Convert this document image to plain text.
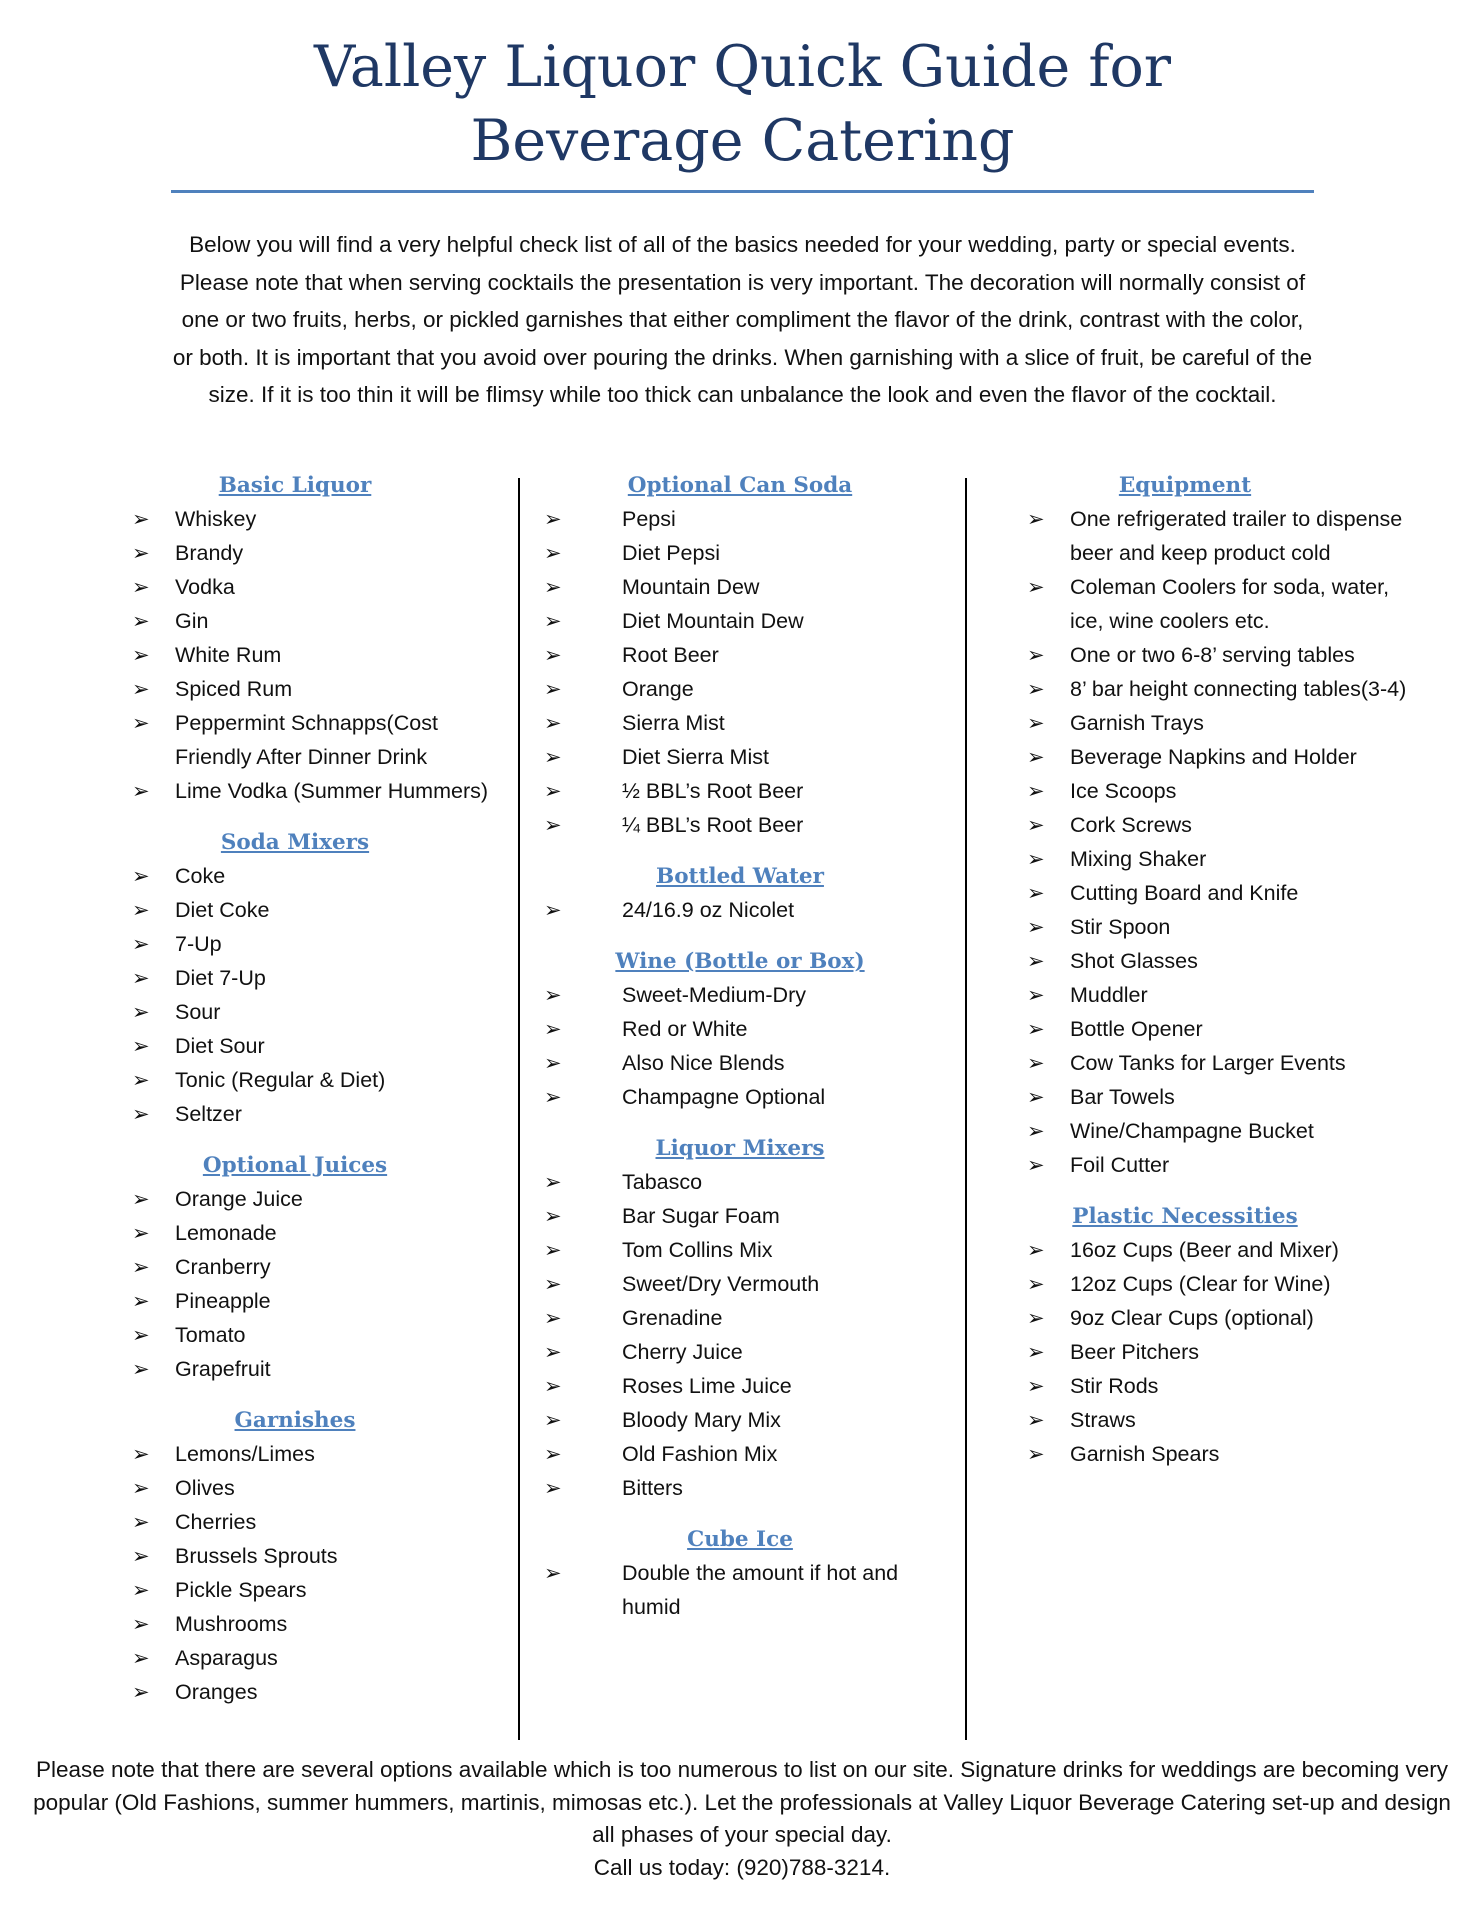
Valley Liquor Quick Guide for Beverage Catering

Below you will find a very helpful check list of all of the basics needed for your wedding, party or special events. Please note that when serving cocktails the presentation is very important. The decoration will normally consist of one or two fruits, herbs, or pickled garnishes that either compliment the flavor of the drink, contrast with the color, or both. It is important that you avoid over pouring the drinks. When garnishing with a slice of fruit, be careful of the size. If it is too thin it will be flimsy while too thick can unbalance the look and even the flavor of the cocktail.

Basic Liquor
➢ Whiskey
➢ Brandy
➢ Vodka
➢ Gin
➢ White Rum
➢ Spiced Rum
➢ Peppermint Schnapps(Cost Friendly After Dinner Drink
➢ Lime Vodka (Summer Hummers)
Soda Mixers
➢ Coke
➢ Diet Coke
➢ 7-Up
➢ Diet 7-Up
➢ Sour
➢ Diet Sour
➢ Tonic (Regular & Diet)
➢ Seltzer
Optional Juices
➢ Orange Juice
➢ Lemonade
➢ Cranberry
➢ Pineapple
➢ Tomato
➢ Grapefruit
Garnishes
➢ Lemons/Limes
➢ Olives
➢ Cherries
➢ Brussels Sprouts
➢ Pickle Spears
➢ Mushrooms
➢ Asparagus
➢ Oranges
Optional Can Soda
➢	Pepsi
➢	Diet Pepsi
➢	Mountain Dew
➢	Diet Mountain Dew
➢	Root Beer
➢	Orange
➢	Sierra Mist
➢	Diet Sierra Mist
➢	½ BBL’s Root Beer
➢	¼ BBL’s Root Beer
Bottled Water
➢	24/16.9 oz Nicolet
Wine (Bottle or Box)
➢	Sweet-Medium-Dry
➢	Red or White
➢	Also Nice Blends
➢	Champagne Optional
Liquor Mixers
➢	Tabasco
➢	Bar Sugar Foam
➢	Tom Collins Mix
➢	Sweet/Dry Vermouth
➢	Grenadine
➢	Cherry Juice
➢	Roses Lime Juice
➢	Bloody Mary Mix
➢	Old Fashion Mix
➢	Bitters
Cube Ice
➢	Double the amount if hot and humid
Equipment
➢ One refrigerated trailer to dispense beer and keep product cold
➢ Coleman Coolers for soda, water, ice, wine coolers etc.
➢ One or two 6-8’ serving tables
➢ 8’ bar height connecting tables(3-4)
➢ Garnish Trays
➢ Beverage Napkins and Holder
➢ Ice Scoops
➢ Cork Screws
➢ Mixing Shaker
➢ Cutting Board and Knife
➢ Stir Spoon
➢ Shot Glasses
➢ Muddler
➢ Bottle Opener
➢ Cow Tanks for Larger Events
➢ Bar Towels
➢ Wine/Champagne Bucket
➢ Foil Cutter
Plastic Necessities
➢ 16oz Cups (Beer and Mixer)
➢ 12oz Cups (Clear for Wine)
➢ 9oz Clear Cups (optional)
➢ Beer Pitchers
➢ Stir Rods
➢ Straws
➢ Garnish Spears

Please note that there are several options available which is too numerous to list on our site. Signature drinks for weddings are becoming very popular (Old Fashions, summer hummers, martinis, mimosas etc.). Let the professionals at Valley Liquor Beverage Catering set-up and design all phases of your special day.
Call us today: (920)788-3214.
